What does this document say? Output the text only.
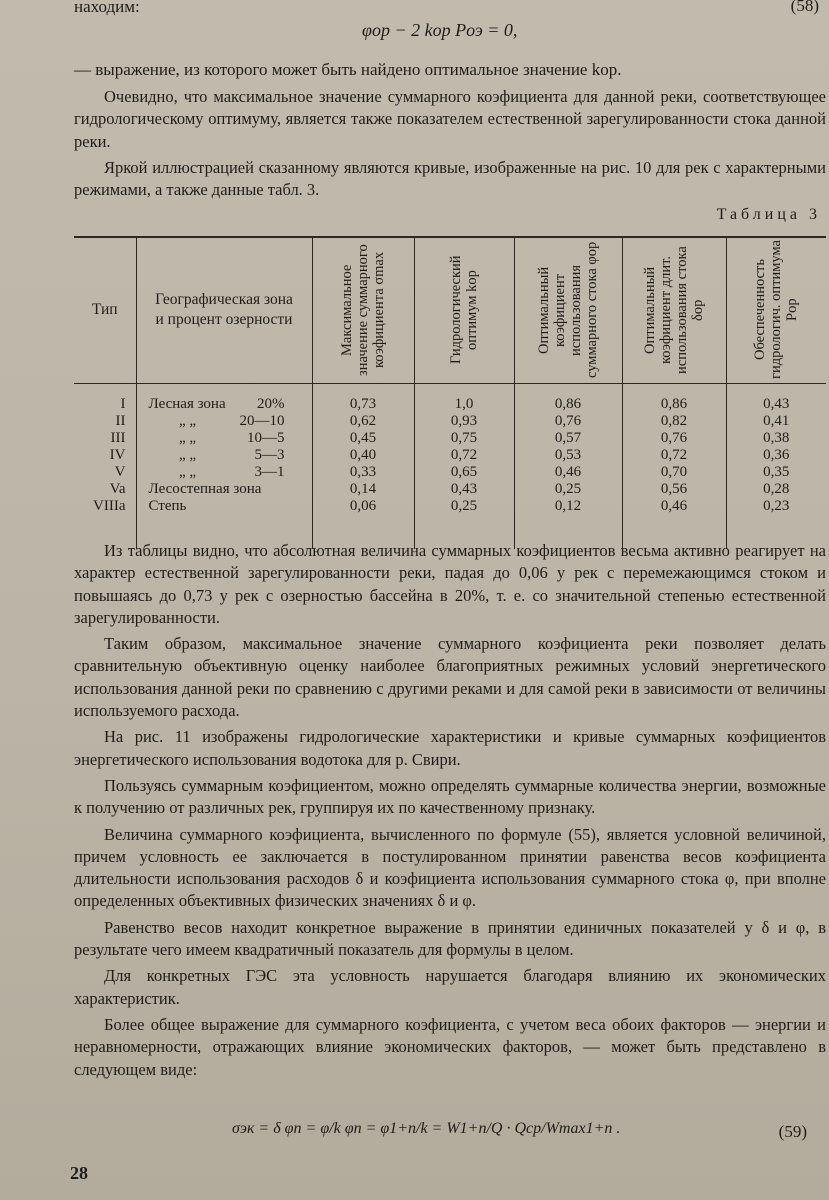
находим:
φор − 2 kор Pоэ = 0,
(58)
— выражение, из которого может быть найдено оптимальное значение kор.

Очевидно, что максимальное значение суммарного коэфициента для данной реки, соответствующее гидрологическому оптимуму, является также показателем естественной зарегулированности стока данной реки.

Яркой иллюстрацией сказанному являются кривые, изображенные на рис. 10 для рек с характерными режимами, а также данные табл. 3.

Таблица 3
Тип	Географическая зона и процент озерности	Максимальное значение суммарного коэфициента σmax	Гидрологический оптимум kор	Оптимальный коэфициент использования суммарного стока φор	Оптимальный коэфициент длит. использования стока δор	Обеспеченность гидрологич. оптимума Pор

I	Лесная зона 20%	0,73	1,0	0,86	0,86	0,43
II	„ „ 20—10	0,62	0,93	0,76	0,82	0,41
III	„ „ 10—5	0,45	0,75	0,57	0,76	0,38
IV	„ „ 5—3	0,40	0,72	0,53	0,72	0,36
V	„ „ 3—1	0,33	0,65	0,46	0,70	0,35
Va	Лесостепная зона	0,14	0,43	0,25	0,56	0,28
VIIIa	Степь	0,06	0,25	0,12	0,46	0,23

Из таблицы видно, что абсолютная величина суммарных коэфициентов весьма активно реагирует на характер естественной зарегулированности реки, падая до 0,06 у рек с перемежающимся стоком и повышаясь до 0,73 у рек с озерностью бассейна в 20%, т. е. со значительной степенью естественной зарегулированности.

Таким образом, максимальное значение суммарного коэфициента реки позволяет делать сравнительную объективную оценку наиболее благоприятных режимных условий энергетического использования данной реки по сравнению с другими реками и для самой реки в зависимости от величины используемого расхода.

На рис. 11 изображены гидрологические характеристики и кривые суммарных коэфициентов энергетического использования водотока для р. Свири.

Пользуясь суммарным коэфициентом, можно определять суммарные количества энергии, возможные к получению от различных рек, группируя их по качественному признаку.

Величина суммарного коэфициента, вычисленного по формуле (55), является условной величиной, причем условность ее заключается в постулированном принятии равенства весов коэфициента длительности использования расходов δ и коэфициента использования суммарного стока φ, при вполне определенных объективных физических значениях δ и φ.

Равенство весов находит конкретное выражение в принятии единичных показателей у δ и φ, в результате чего имеем квадратичный показатель для формулы в целом.

Для конкретных ГЭС эта условность нарушается благодаря влиянию их экономических характеристик.

Более общее выражение для суммарного коэфициента, с учетом веса обоих факторов — энергии и неравномерности, отражающих влияние экономических факторов, — может быть представлено в следующем виде:

σэк = δ φn = φ/k φn = φ1+n/k = W1+n/Q · Qср/Wmax1+n .	(59)
28
